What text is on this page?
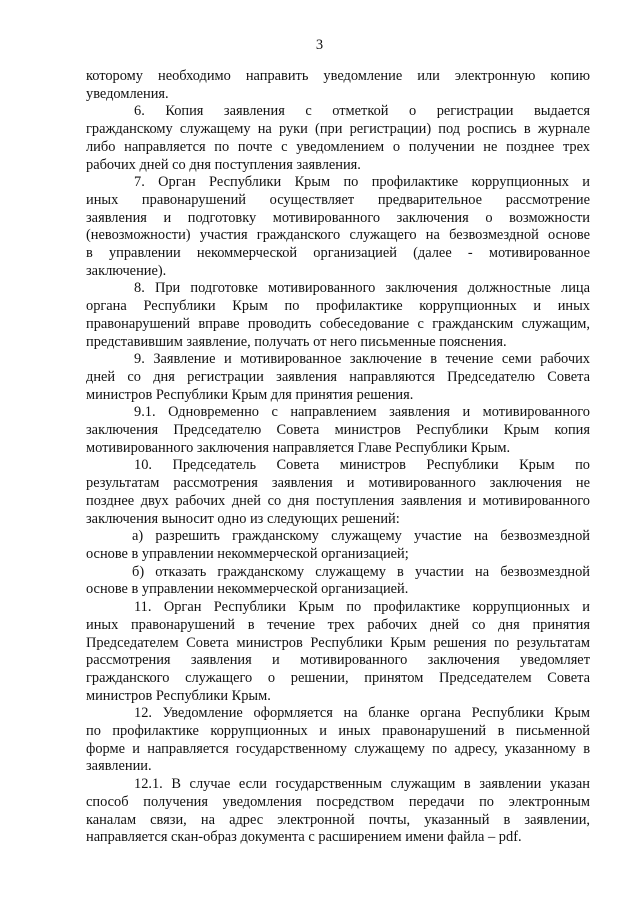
3
которому необходимо направить уведомление или электронную копию
уведомления.
6. Копия заявления с отметкой о регистрации выдается
гражданскому служащему на руки (при регистрации) под роспись в журнале
либо направляется по почте с уведомлением о получении не позднее трех
рабочих дней со дня поступления заявления.
7. Орган Республики Крым по профилактике коррупционных и
иных правонарушений осуществляет предварительное рассмотрение
заявления и подготовку мотивированного заключения о возможности
(невозможности) участия гражданского служащего на безвозмездной основе
в управлении некоммерческой организацией (далее - мотивированное
заключение).
8. При подготовке мотивированного заключения должностные лица
органа Республики Крым по профилактике коррупционных и иных
правонарушений вправе проводить собеседование с гражданским служащим,
представившим заявление, получать от него письменные пояснения.
9. Заявление и мотивированное заключение в течение семи рабочих
дней со дня регистрации заявления направляются Председателю Совета
министров Республики Крым для принятия решения.
9.1. Одновременно с направлением заявления и мотивированного
заключения Председателю Совета министров Республики Крым копия
мотивированного заключения направляется Главе Республики Крым.
10. Председатель Совета министров Республики Крым по
результатам рассмотрения заявления и мотивированного заключения не
позднее двух рабочих дней со дня поступления заявления и мотивированного
заключения выносит одно из следующих решений:
а) разрешить гражданскому служащему участие на безвозмездной
основе в управлении некоммерческой организацией;
б) отказать гражданскому служащему в участии на безвозмездной
основе в управлении некоммерческой организацией.
11. Орган Республики Крым по профилактике коррупционных и
иных правонарушений в течение трех рабочих дней со дня принятия
Председателем Совета министров Республики Крым решения по результатам
рассмотрения заявления и мотивированного заключения уведомляет
гражданского служащего о решении, принятом Председателем Совета
министров Республики Крым.
12. Уведомление оформляется на бланке органа Республики Крым
по профилактике коррупционных и иных правонарушений в письменной
форме и направляется государственному служащему по адресу, указанному в
заявлении.
12.1. В случае если государственным служащим в заявлении указан
способ получения уведомления посредством передачи по электронным
каналам связи, на адрес электронной почты, указанный в заявлении,
направляется скан-образ документа с расширением имени файла – pdf.
